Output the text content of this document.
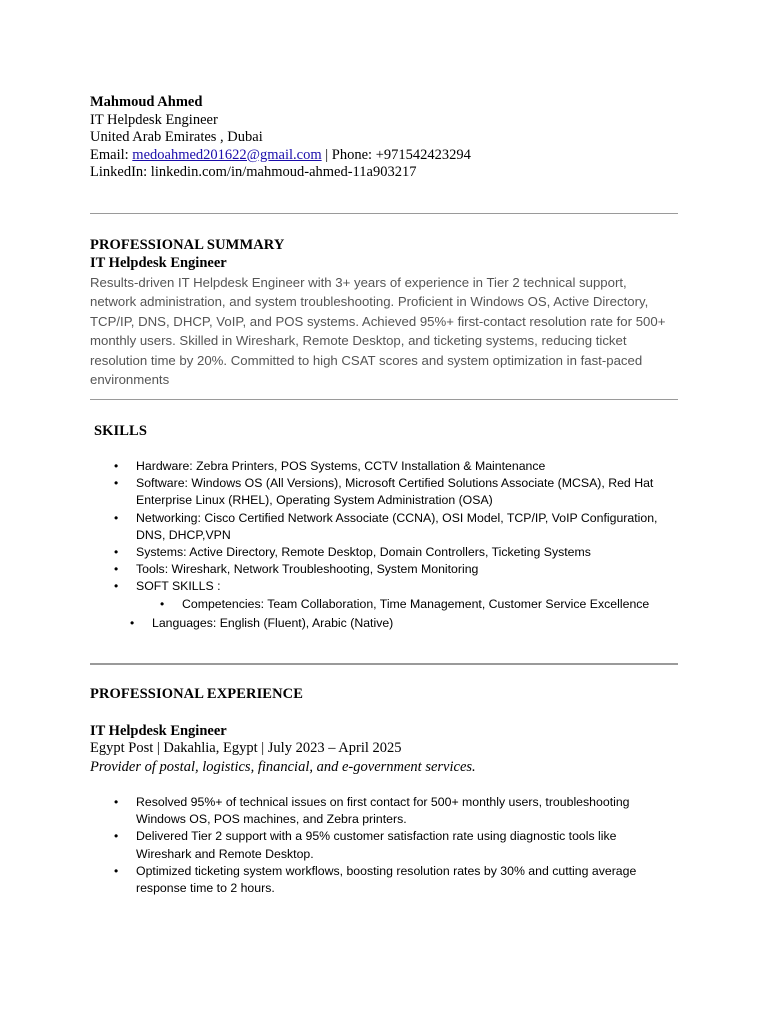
Mahmoud Ahmed
IT Helpdesk Engineer
United Arab Emirates , Dubai
Email: medoahmed201622@gmail.com | Phone: +971542423294
LinkedIn: linkedin.com/in/mahmoud-ahmed-11a903217
PROFESSIONAL SUMMARY
IT Helpdesk Engineer
Results-driven IT Helpdesk Engineer with 3+ years of experience in Tier 2 technical support, network administration, and system troubleshooting. Proficient in Windows OS, Active Directory, TCP/IP, DNS, DHCP, VoIP, and POS systems. Achieved 95%+ first-contact resolution rate for 500+ monthly users. Skilled in Wireshark, Remote Desktop, and ticketing systems, reducing ticket resolution time by 20%. Committed to high CSAT scores and system optimization in fast-paced environments
SKILLS
• Hardware: Zebra Printers, POS Systems, CCTV Installation & Maintenance
• Software: Windows OS (All Versions), Microsoft Certified Solutions Associate (MCSA), Red Hat Enterprise Linux (RHEL), Operating System Administration (OSA)
• Networking: Cisco Certified Network Associate (CCNA), OSI Model, TCP/IP, VoIP Configuration, DNS, DHCP,VPN
• Systems: Active Directory, Remote Desktop, Domain Controllers, Ticketing Systems
• Tools: Wireshark, Network Troubleshooting, System Monitoring
• SOFT SKILLS :
• Competencies: Team Collaboration, Time Management, Customer Service Excellence
• Languages: English (Fluent), Arabic (Native)
PROFESSIONAL EXPERIENCE
IT Helpdesk Engineer
Egypt Post | Dakahlia, Egypt | July 2023 – April 2025
Provider of postal, logistics, financial, and e-government services.
• Resolved 95%+ of technical issues on first contact for 500+ monthly users, troubleshooting Windows OS, POS machines, and Zebra printers.
• Delivered Tier 2 support with a 95% customer satisfaction rate using diagnostic tools like Wireshark and Remote Desktop.
• Optimized ticketing system workflows, boosting resolution rates by 30% and cutting average response time to 2 hours.
